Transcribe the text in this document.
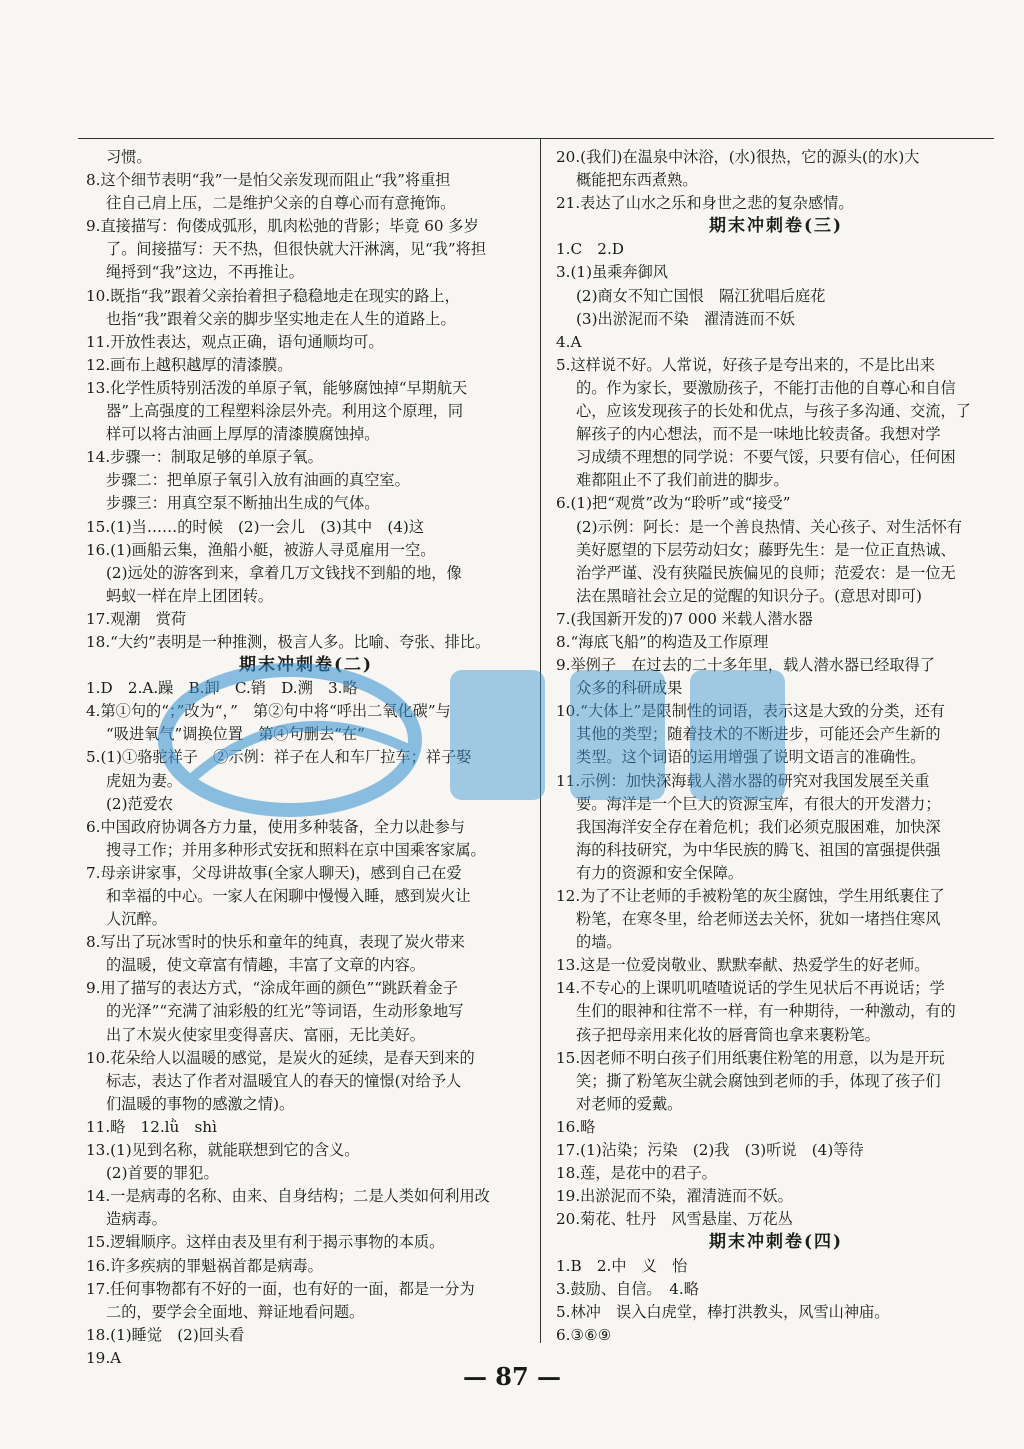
习惯。

8.这个细节表明“我”一是怕父亲发现而阻止“我”将重担

往自己肩上压，二是维护父亲的自尊心而有意掩饰。

9.直接描写：佝偻成弧形，肌肉松弛的背影；毕竟 60 多岁

了。间接描写：天不热，但很快就大汗淋漓，见“我”将担

绳捋到“我”这边，不再推让。

10.既指“我”跟着父亲抬着担子稳稳地走在现实的路上，

也指“我”跟着父亲的脚步坚实地走在人生的道路上。

11.开放性表达，观点正确，语句通顺均可。

12.画布上越积越厚的清漆膜。

13.化学性质特别活泼的单原子氧，能够腐蚀掉“早期航天

器”上高强度的工程塑料涂层外壳。利用这个原理，同

样可以将古油画上厚厚的清漆膜腐蚀掉。

14.步骤一：制取足够的单原子氧。

步骤二：把单原子氧引入放有油画的真空室。

步骤三：用真空泵不断抽出生成的气体。

15.(1)当……的时候　(2)一会儿　(3)其中　(4)这

16.(1)画船云集，渔船小艇，被游人寻觅雇用一空。

(2)远处的游客到来，拿着几万文钱找不到船的地，像

蚂蚁一样在岸上团团转。

17.观潮　赏荷

18.“大约”表明是一种推测，极言人多。比喻、夸张、排比。

期末冲刺卷(二)

1.D　2.A.躁　B.卸　C.销　D.溯　3.略

4.第①句的“；”改为“，”　第②句中将“呼出二氧化碳”与

“吸进氧气”调换位置　第④句删去“在”

5.(1)①骆驼祥子　②示例：祥子在人和车厂拉车；祥子娶

虎妞为妻。

(2)范爱农

6.中国政府协调各方力量，使用多种装备，全力以赴参与

搜寻工作；并用多种形式安抚和照料在京中国乘客家属。

7.母亲讲家事，父母讲故事(全家人聊天)，感到自己在爱

和幸福的中心。一家人在闲聊中慢慢入睡，感到炭火让

人沉醉。

8.写出了玩冰雪时的快乐和童年的纯真，表现了炭火带来

的温暖，使文章富有情趣，丰富了文章的内容。

9.用了描写的表达方式，“涂成年画的颜色”“跳跃着金子

的光泽”“充满了油彩般的红光”等词语，生动形象地写

出了木炭火使家里变得喜庆、富丽，无比美好。

10.花朵给人以温暖的感觉，是炭火的延续，是春天到来的

标志，表达了作者对温暖宜人的春天的憧憬(对给予人

们温暖的事物的感激之情)。

11.略　12.lǜ　shì

13.(1)见到名称，就能联想到它的含义。

(2)首要的罪犯。

14.一是病毒的名称、由来、自身结构；二是人类如何利用改

造病毒。

15.逻辑顺序。这样由表及里有利于揭示事物的本质。

16.许多疾病的罪魁祸首都是病毒。

17.任何事物都有不好的一面，也有好的一面，都是一分为

二的，要学会全面地、辩证地看问题。

18.(1)睡觉　(2)回头看

19.A

20.(我们)在温泉中沐浴，(水)很热，它的源头(的水)大

概能把东西煮熟。

21.表达了山水之乐和身世之悲的复杂感情。

期末冲刺卷(三)

1.C　2.D

3.(1)虽乘奔御风

(2)商女不知亡国恨　隔江犹唱后庭花

(3)出淤泥而不染　濯清涟而不妖

4.A

5.这样说不好。人常说，好孩子是夸出来的，不是比出来

的。作为家长，要激励孩子，不能打击他的自尊心和自信

心，应该发现孩子的长处和优点，与孩子多沟通、交流，了

解孩子的内心想法，而不是一味地比较责备。我想对学

习成绩不理想的同学说：不要气馁，只要有信心，任何困

难都阻止不了我们前进的脚步。

6.(1)把“观赏”改为“聆听”或“接受”

(2)示例：阿长：是一个善良热情、关心孩子、对生活怀有

美好愿望的下层劳动妇女；藤野先生：是一位正直热诚、

治学严谨、没有狭隘民族偏见的良师；范爱农：是一位无

法在黑暗社会立足的觉醒的知识分子。(意思对即可)

7.(我国新开发的)7 000 米载人潜水器

8.“海底飞船”的构造及工作原理

9.举例子　在过去的二十多年里，载人潜水器已经取得了

众多的科研成果

10.“大体上”是限制性的词语，表示这是大致的分类，还有

其他的类型；随着技术的不断进步，可能还会产生新的

类型。这个词语的运用增强了说明文语言的准确性。

11.示例：加快深海载人潜水器的研究对我国发展至关重

要。海洋是一个巨大的资源宝库，有很大的开发潜力；

我国海洋安全存在着危机；我们必须克服困难，加快深

海的科技研究，为中华民族的腾飞、祖国的富强提供强

有力的资源和安全保障。

12.为了不让老师的手被粉笔的灰尘腐蚀，学生用纸裹住了

粉笔，在寒冬里，给老师送去关怀，犹如一堵挡住寒风

的墙。

13.这是一位爱岗敬业、默默奉献、热爱学生的好老师。

14.不专心的上课叽叽喳喳说话的学生见状后不再说话；学

生们的眼神和往常不一样，有一种期待，一种激动，有的

孩子把母亲用来化妆的唇膏筒也拿来裹粉笔。

15.因老师不明白孩子们用纸裹住粉笔的用意，以为是开玩

笑；撕了粉笔灰尘就会腐蚀到老师的手，体现了孩子们

对老师的爱戴。

16.略

17.(1)沾染；污染　(2)我　(3)听说　(4)等待

18.莲，是花中的君子。

19.出淤泥而不染，濯清涟而不妖。

20.菊花、牡丹　风雪悬崖、万花丛

期末冲刺卷(四)

1.B　2.中　义　怡

3.鼓励、自信。　4.略

5.林冲　误入白虎堂，棒打洪教头，风雪山神庙。

6.③⑥⑨

— 87 —
